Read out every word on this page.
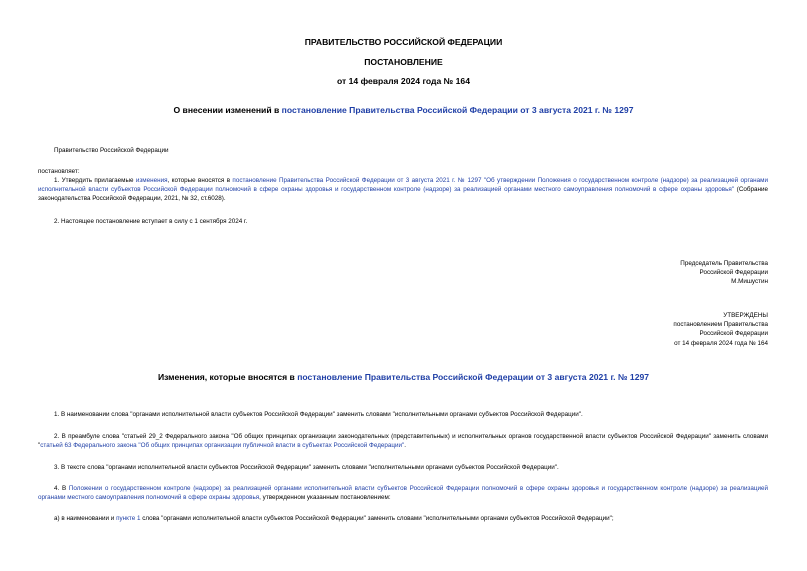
ПРАВИТЕЛЬСТВО РОССИЙСКОЙ ФЕДЕРАЦИИ
ПОСТАНОВЛЕНИЕ
от 14 февраля 2024 года № 164
О внесении изменений в постановление Правительства Российской Федерации от 3 августа 2021 г. № 1297
Правительство Российской Федерации
постановляет:
1. Утвердить прилагаемые изменения, которые вносятся в постановление Правительства Российской Федерации от 3 августа 2021 г. № 1297 "Об утверждении Положения о государственном контроле (надзоре) за реализацией органами исполнительной власти субъектов Российской Федерации полномочий в сфере охраны здоровья и государственном контроле (надзоре) за реализацией органами местного самоуправления полномочий в сфере охраны здоровья" (Собрание законодательства Российской Федерации, 2021, № 32, ст.6028).
2. Настоящее постановление вступает в силу с 1 сентября 2024 г.
Председатель Правительства
Российской Федерации
М.Мишустин
УТВЕРЖДЕНЫ
постановлением Правительства
Российской Федерации
от 14 февраля 2024 года № 164
Изменения, которые вносятся в постановление Правительства Российской Федерации от 3 августа 2021 г. № 1297
1. В наименовании слова "органами исполнительной власти субъектов Российской Федерации" заменить словами "исполнительными органами субъектов Российской Федерации".
2. В преамбуле слова "статьей 29_2 Федерального закона "Об общих принципах организации законодательных (представительных) и исполнительных органов государственной власти субъектов Российской Федерации" заменить словами "статьей 63 Федерального закона "Об общих принципах организации публичной власти в субъектах Российской Федерации".
3. В тексте слова "органами исполнительной власти субъектов Российской Федерации" заменить словами "исполнительными органами субъектов Российской Федерации".
4. В Положении о государственном контроле (надзоре) за реализацией органами исполнительной власти субъектов Российской Федерации полномочий в сфере охраны здоровья и государственном контроле (надзоре) за реализацией органами местного самоуправления полномочий в сфере охраны здоровья, утвержденном указанным постановлением:
а) в наименовании и пункте 1 слова "органами исполнительной власти субъектов Российской Федерации" заменить словами "исполнительными органами субъектов Российской Федерации";
